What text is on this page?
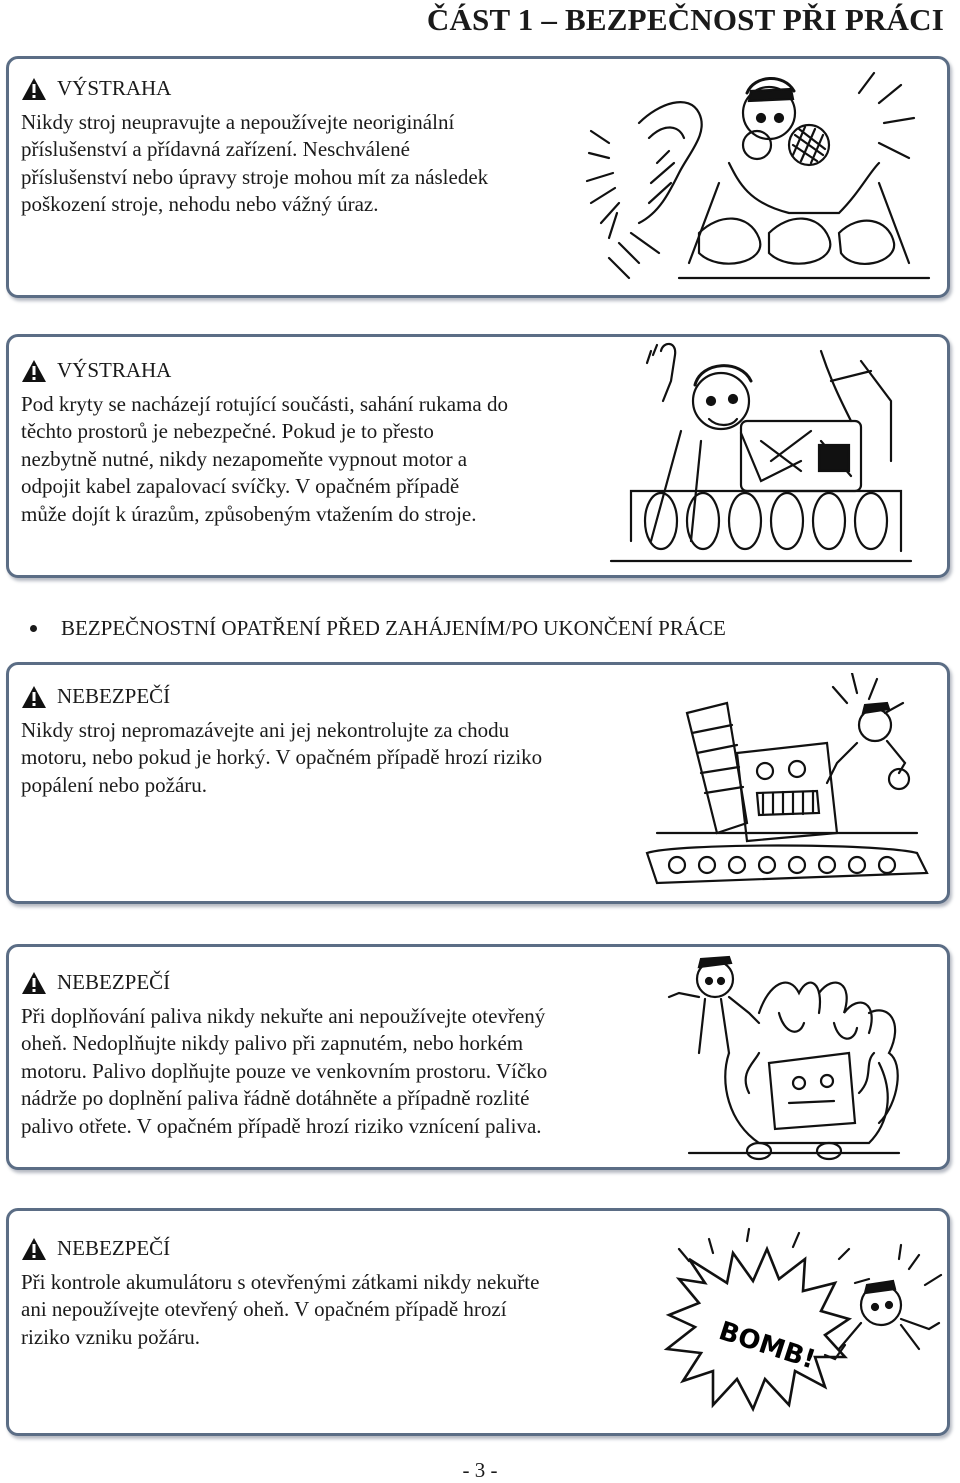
ČÁST 1 – BEZPEČNOST PŘI PRÁCI
VÝSTRAHA
Nikdy stroj neupravujte a nepoužívejte neoriginální
příslušenství a přídavná zařízení. Neschválené
příslušenství nebo úpravy stroje mohou mít za následek
poškození stroje, nehodu nebo vážný úraz.
VÝSTRAHA
Pod kryty se nacházejí rotující součásti, sahání rukama do
těchto prostorů je nebezpečné. Pokud je to přesto
nezbytně nutné, nikdy nezapomeňte vypnout motor a
odpojit kabel zapalovací svíčky. V opačném případě
může dojít k úrazům, způsobeným vtažením do stroje.
BEZPEČNOSTNÍ OPATŘENÍ PŘED ZAHÁJENÍM/PO UKONČENÍ PRÁCE
NEBEZPEČÍ
Nikdy stroj nepromazávejte ani jej nekontrolujte za chodu
motoru, nebo pokud je horký. V opačném případě hrozí riziko
popálení nebo požáru.
NEBEZPEČÍ
Při doplňování paliva nikdy nekuřte ani nepoužívejte otevřený
oheň. Nedoplňujte nikdy palivo při zapnutém, nebo horkém
motoru. Palivo doplňujte pouze ve venkovním prostoru. Víčko
nádrže po doplnění paliva řádně dotáhněte a případně rozlité
palivo otřete. V opačném případě hrozí riziko vznícení paliva.
NEBEZPEČÍ
Při kontrole akumulátoru s otevřenými zátkami nikdy nekuřte
ani nepoužívejte otevřený oheň. V opačném případě hrozí
riziko vzniku požáru.	BOMB!
- 3 -
